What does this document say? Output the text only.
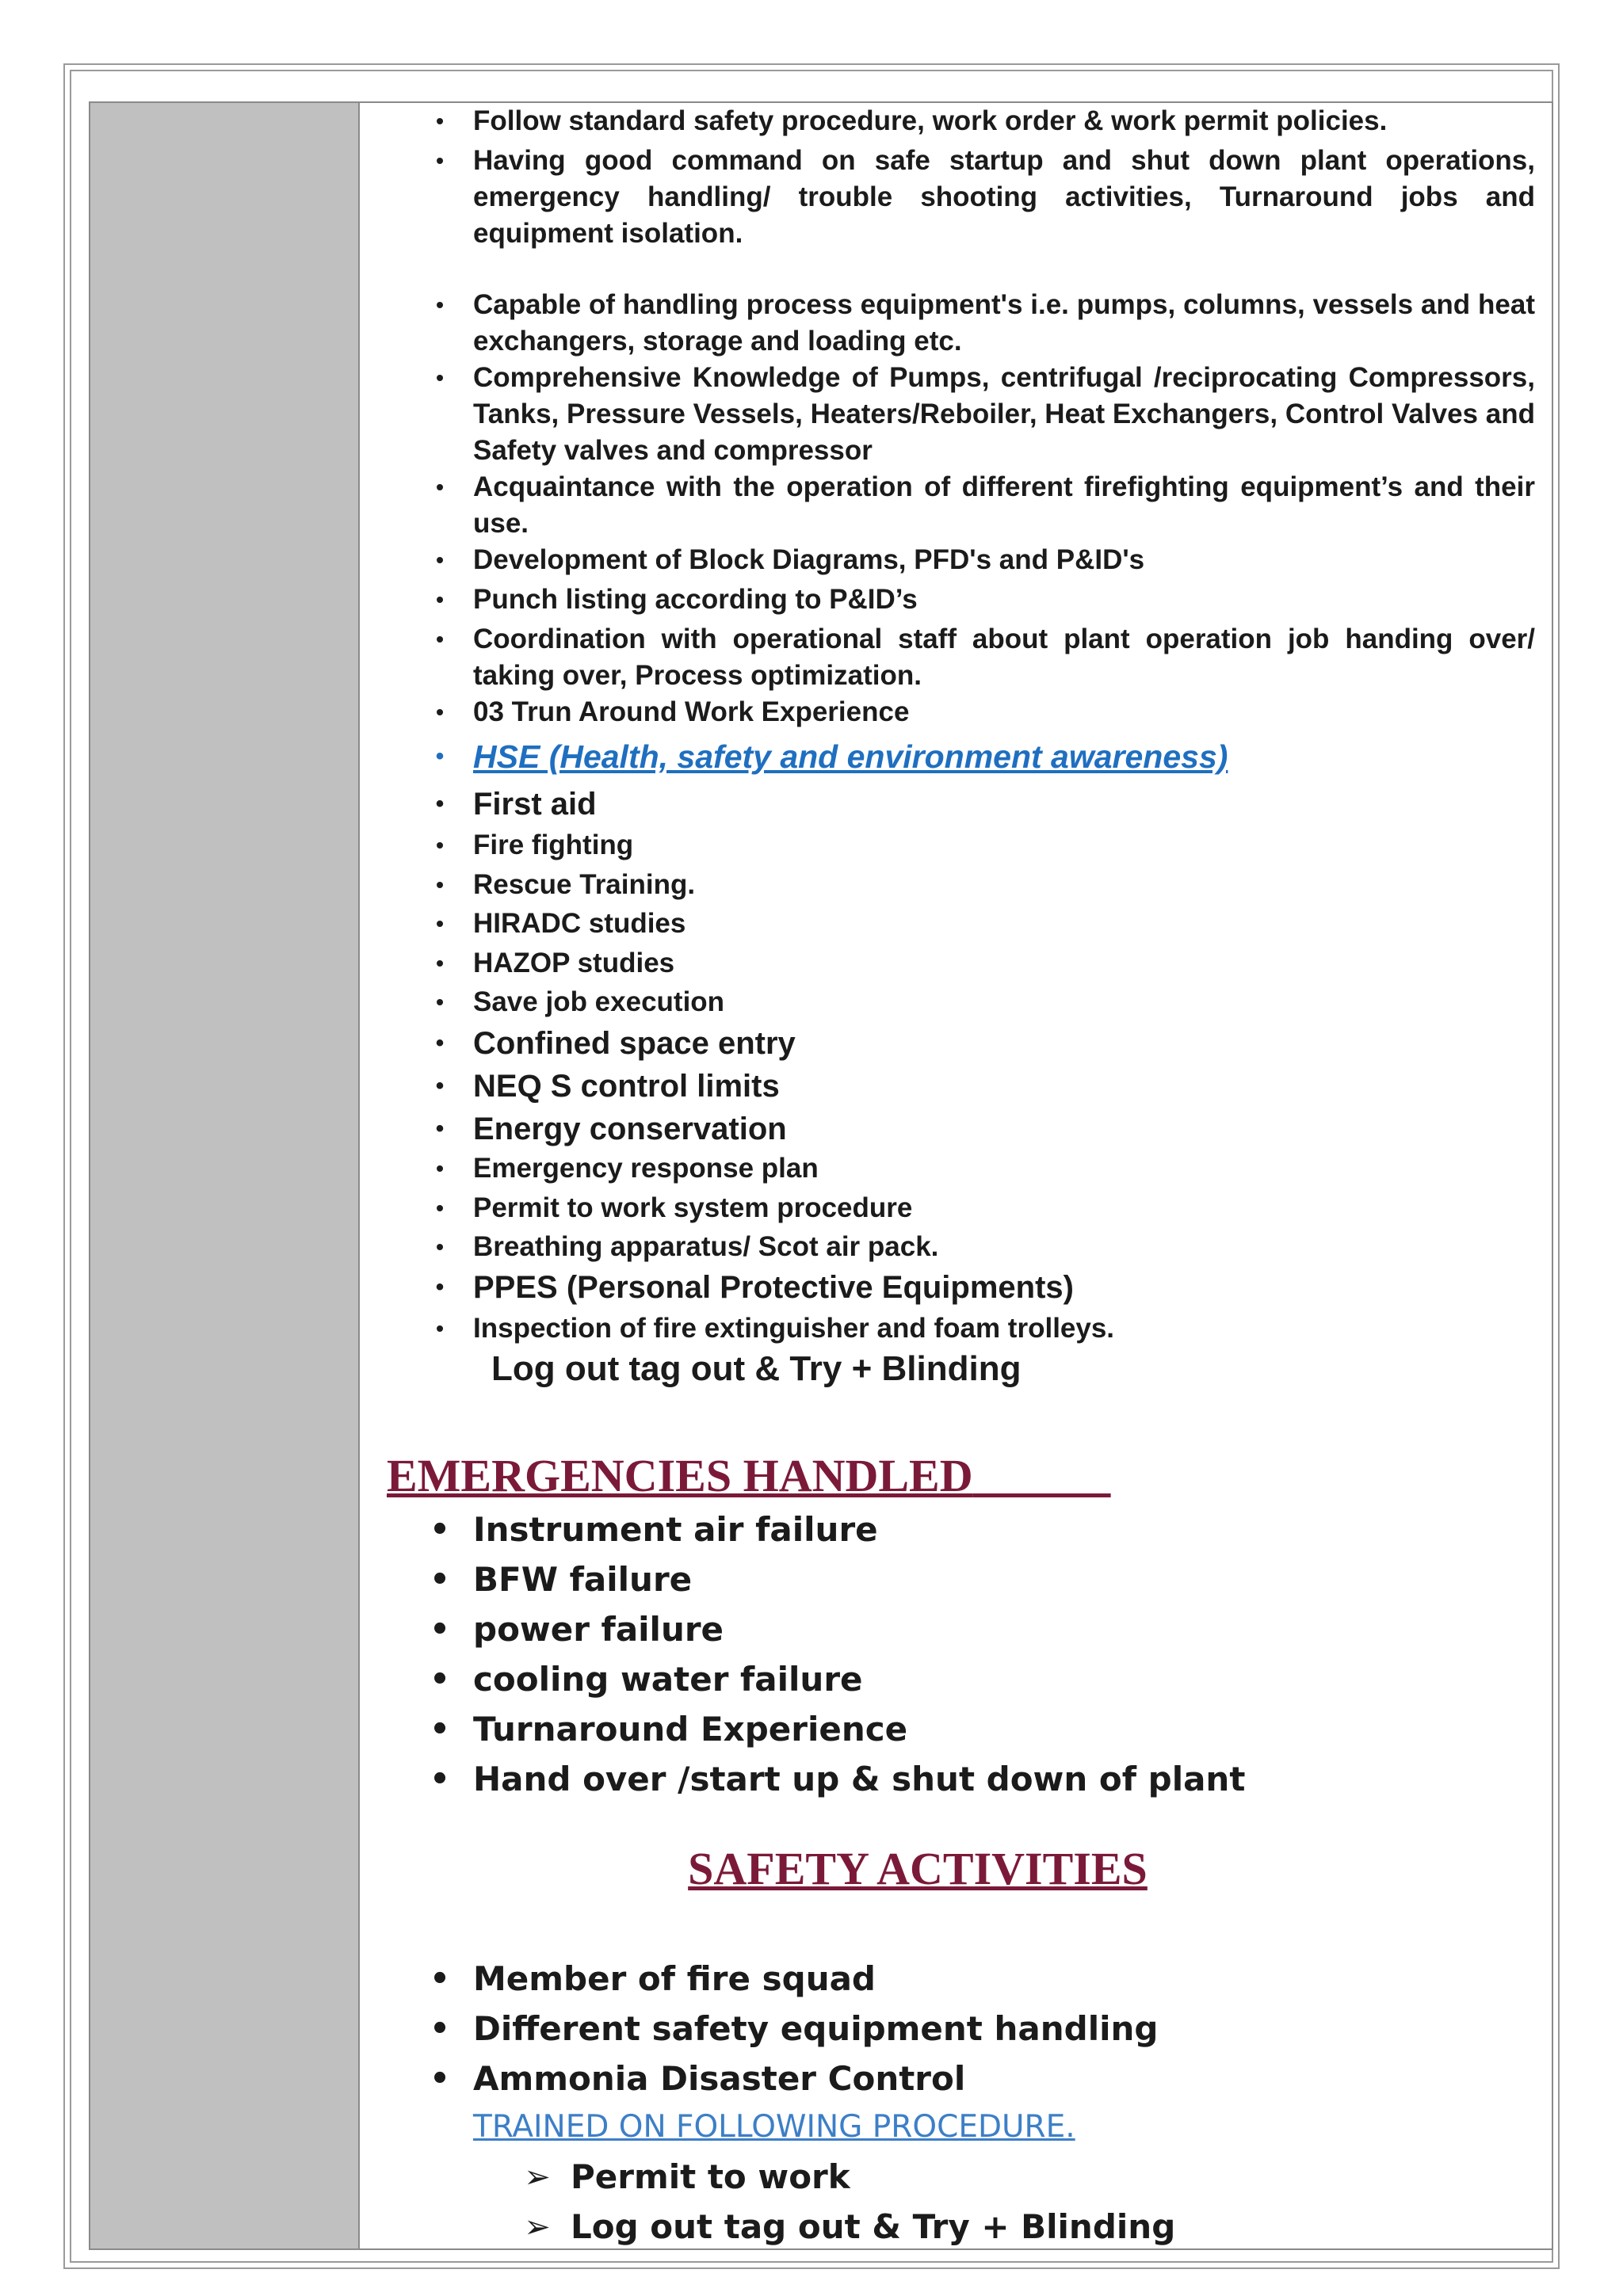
•	Follow standard safety procedure, work order & work permit policies.
•	Having good command on safe startup and shut down plant operations, emergency handling/ trouble shooting activities, Turnaround jobs and equipment isolation.
•	Capable of handling process equipment's i.e. pumps, columns, vessels and heat exchangers, storage and loading etc.
•	Comprehensive Knowledge of Pumps, centrifugal /reciprocating Compressors, Tanks, Pressure Vessels, Heaters/Reboiler, Heat Exchangers, Control Valves and Safety valves and compressor
•	Acquaintance with the operation of different firefighting equipment’s and their use.
•	Development of Block Diagrams, PFD's and P&ID's
•	Punch listing according to P&ID’s
•	Coordination with operational staff about plant operation job handing over/ taking over, Process optimization.
•	03 Trun Around Work Experience
• HSE (Health, safety and environment awareness)
• First aid
•	Fire fighting
•	Rescue Training.
•	HIRADC studies
•	HAZOP studies
•	Save job execution
• Confined space entry
• NEQ S control limits
• Energy conservation
•	Emergency response plan
•	Permit to work system procedure
•	Breathing apparatus/ Scot air pack.
• PPES (Personal Protective Equipments)
•	Inspection of fire extinguisher and foam trolleys.
Log out tag out & Try + Blinding
EMERGENCIES HANDLED
• Instrument air failure
• BFW failure
• power failure
• cooling water failure
• Turnaround Experience
• Hand over /start up & shut down of plant
SAFETY ACTIVITIES
• Member of fire squad
• Different safety equipment handling
• Ammonia Disaster Control
TRAINED ON FOLLOWING PROCEDURE.
➢ Permit to work
➢ Log out tag out & Try + Blinding
